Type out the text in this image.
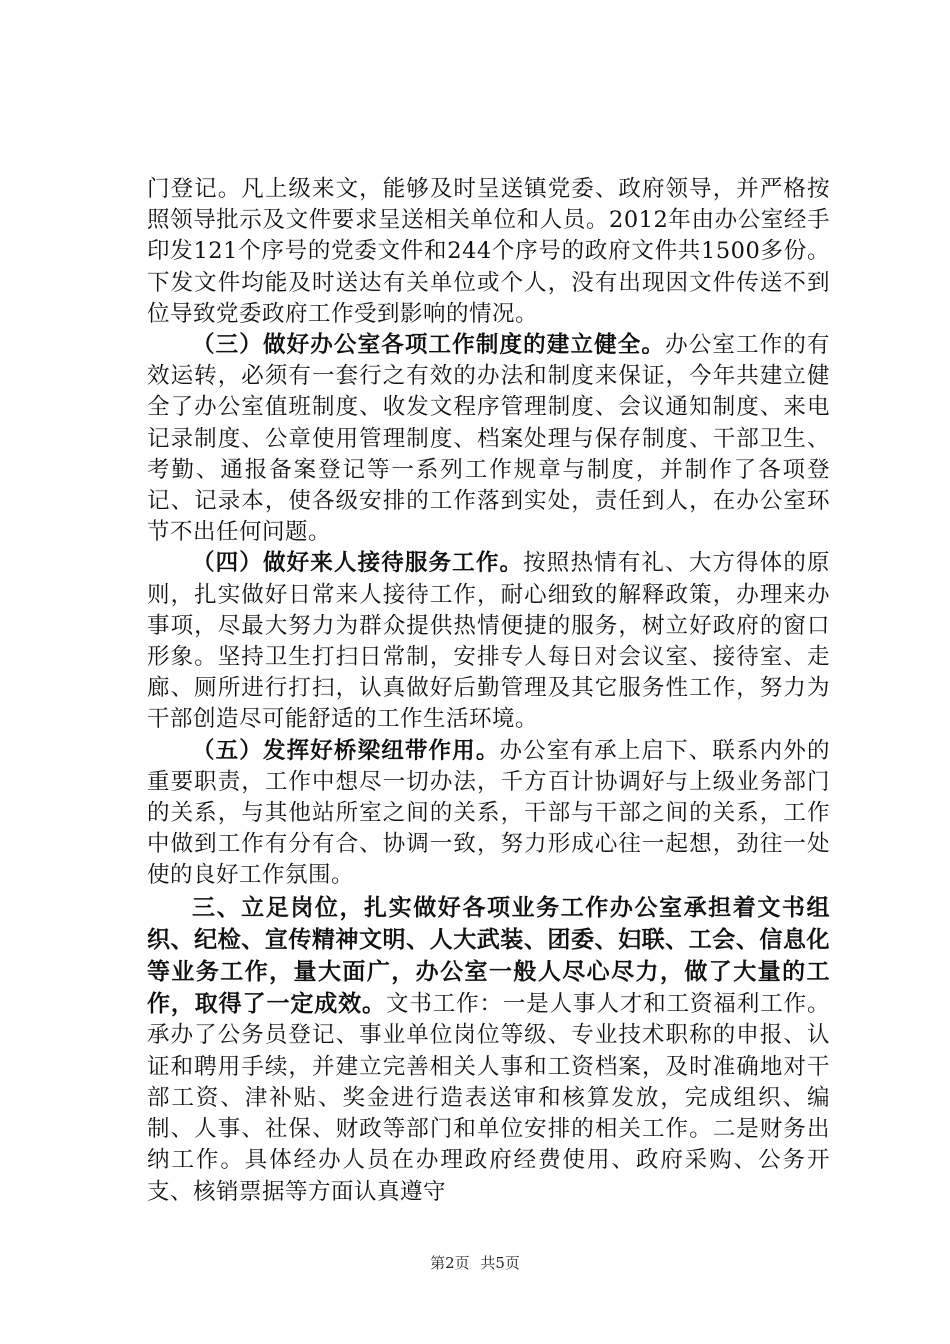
门登记。凡上级来文，能够及时呈送镇党委、政府领导，并严格按照领导批示及文件要求呈送相关单位和人员。2012年由办公室经手印发121个序号的党委文件和244个序号的政府文件共1500多份。下发文件均能及时送达有关单位或个人，没有出现因文件传送不到位导致党委政府工作受到影响的情况。

（三）做好办公室各项工作制度的建立健全。办公室工作的有效运转，必须有一套行之有效的办法和制度来保证，今年共建立健全了办公室值班制度、收发文程序管理制度、会议通知制度、来电记录制度、公章使用管理制度、档案处理与保存制度、干部卫生、考勤、通报备案登记等一系列工作规章与制度，并制作了各项登记、记录本，使各级安排的工作落到实处，责任到人，在办公室环节不出任何问题。

（四）做好来人接待服务工作。按照热情有礼、大方得体的原则，扎实做好日常来人接待工作，耐心细致的解释政策，办理来办事项，尽最大努力为群众提供热情便捷的服务，树立好政府的窗口形象。坚持卫生打扫日常制，安排专人每日对会议室、接待室、走廊、厕所进行打扫，认真做好后勤管理及其它服务性工作，努力为干部创造尽可能舒适的工作生活环境。

（五）发挥好桥梁纽带作用。办公室有承上启下、联系内外的重要职责，工作中想尽一切办法，千方百计协调好与上级业务部门的关系，与其他站所室之间的关系，干部与干部之间的关系，工作中做到工作有分有合、协调一致，努力形成心往一起想，劲往一处使的良好工作氛围。

三、立足岗位，扎实做好各项业务工作办公室承担着文书组织、纪检、宣传精神文明、人大武装、团委、妇联、工会、信息化等业务工作，量大面广，办公室一般人尽心尽力，做了大量的工作，取得了一定成效。文书工作：一是人事人才和工资福利工作。承办了公务员登记、事业单位岗位等级、专业技术职称的申报、认证和聘用手续，并建立完善相关人事和工资档案，及时准确地对干部工资、津补贴、奖金进行造表送审和核算发放，完成组织、编制、人事、社保、财政等部门和单位安排的相关工作。二是财务出纳工作。具体经办人员在办理政府经费使用、政府采购、公务开支、核销票据等方面认真遵守

第2页 共5页
